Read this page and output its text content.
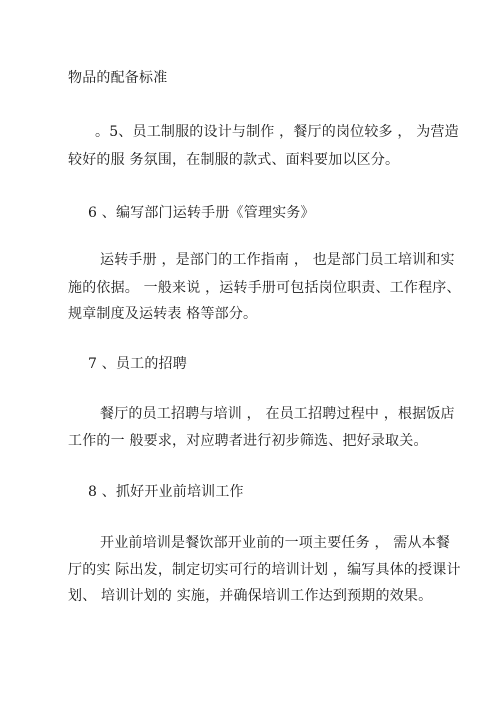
物品的配备标准
。5、员工制服的设计与制作 ，餐厅的岗位较多 ， 为营造
较好的服 务氛围，在制服的款式、面料要加以区分。
6 、编写部门运转手册《管理实务》
运转手册 ，是部门的工作指南 ， 也是部门员工培训和实
施的依据。 一般来说 ，运转手册可包括岗位职责、工作程序、
规章制度及运转表 格等部分。
7 、员工的招聘
餐厅的员工招聘与培训 ， 在员工招聘过程中 ，根据饭店
工作的一 般要求，对应聘者进行初步筛选、把好录取关。
8 、抓好开业前培训工作
开业前培训是餐饮部开业前的一项主要任务 ， 需从本餐
厅的实 际出发，制定切实可行的培训计划 ，编写具体的授课计
划、 培训计划的 实施，并确保培训工作达到预期的效果。
